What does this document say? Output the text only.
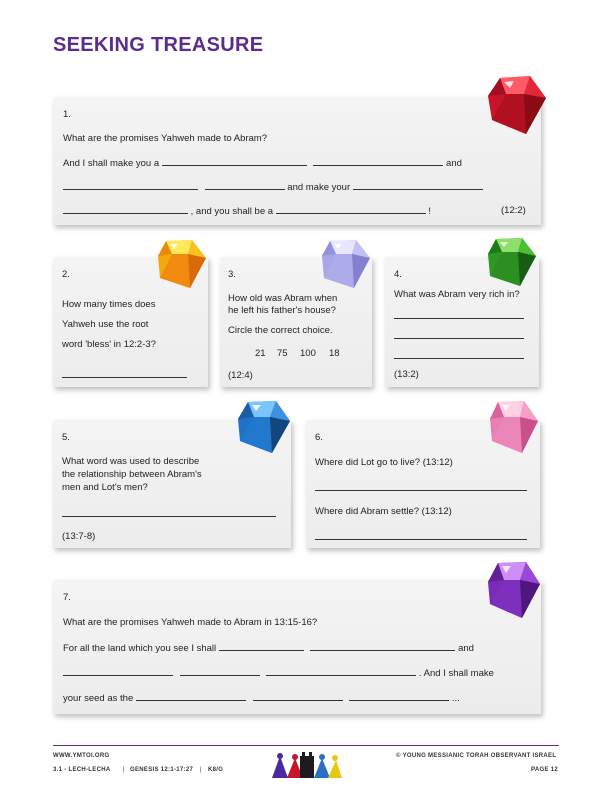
SEEKING TREASURE
1.
What are the promises Yahweh made to Abram?
And I shall make you a	and
and make your
, and you shall be a	!	(12:2)
2.
How many times does
Yahweh use the root
word 'bless' in 12:2-3?
3.
How old was Abram when
he left his father's house?
Circle the correct choice.
21 75 100 18
(12:4)
4.
What was Abram very rich in?
(13:2)
5.
What word was used to describe
the relationship between Abram's
men and Lot's men?
(13:7-8)
6.
Where did Lot go to live? (13:12)
Where did Abram settle? (13:12)
7.
What are the promises Yahweh made to Abram in 13:15-16?
For all the land which you see I shall	and
. And I shall make
your seed as the	...
WWW.YMTOI.ORG
3.1 - LECH-LECHA | GENESIS 12:1-17:27 | K8/G
© YOUNG MESSIANIC TORAH OBSERVANT ISRAEL
PAGE 12
